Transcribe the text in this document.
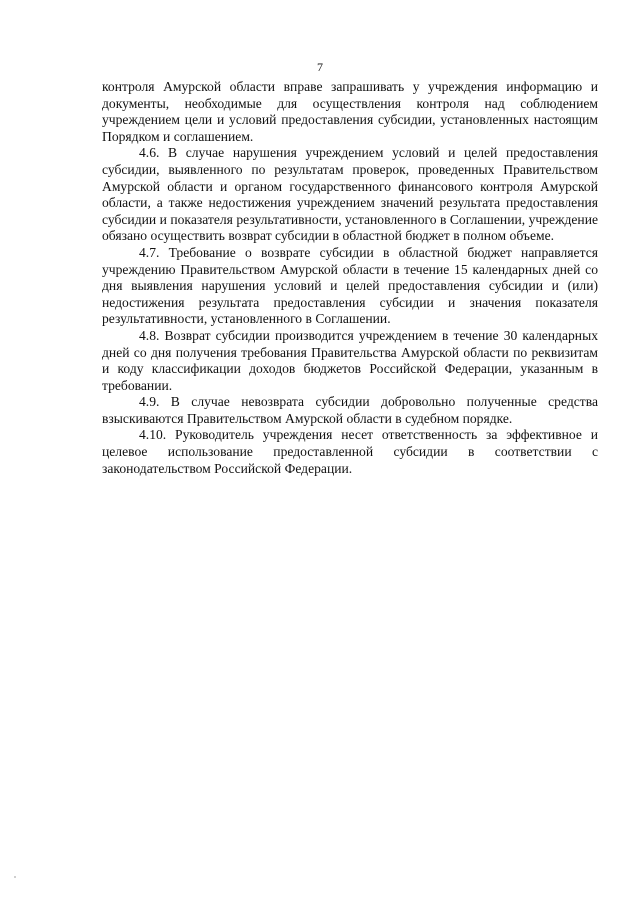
7

контроля Амурской области вправе запрашивать у учреждения информацию и документы, необходимые для осуществления контроля над соблюдением учреждением цели и условий предоставления субсидии, установленных настоящим Порядком и соглашением.

4.6. В случае нарушения учреждением условий и целей предоставления субсидии, выявленного по результатам проверок, проведенных Правительством Амурской области и органом государственного финансового контроля Амурской области, а также недостижения учреждением значений результата предоставления субсидии и показателя результативности, установленного в Соглашении, учреждение обязано осуществить возврат субсидии в областной бюджет в полном объеме.

4.7. Требование о возврате субсидии в областной бюджет направляется учреждению Правительством Амурской области в течение 15 календарных дней со дня выявления нарушения условий и целей предоставления субсидии и (или) недостижения результата предоставления субсидии и значения показателя результативности, установленного в Соглашении.

4.8. Возврат субсидии производится учреждением в течение 30 календарных дней со дня получения требования Правительства Амурской области по реквизитам и коду классификации доходов бюджетов Российской Федерации, указанным в требовании.

4.9. В случае невозврата субсидии добровольно полученные средства взыскиваются Правительством Амурской области в судебном порядке.

4.10. Руководитель учреждения несет ответственность за эффективное и целевое использование предоставленной субсидии в соответствии с законодательством Российской Федерации.
